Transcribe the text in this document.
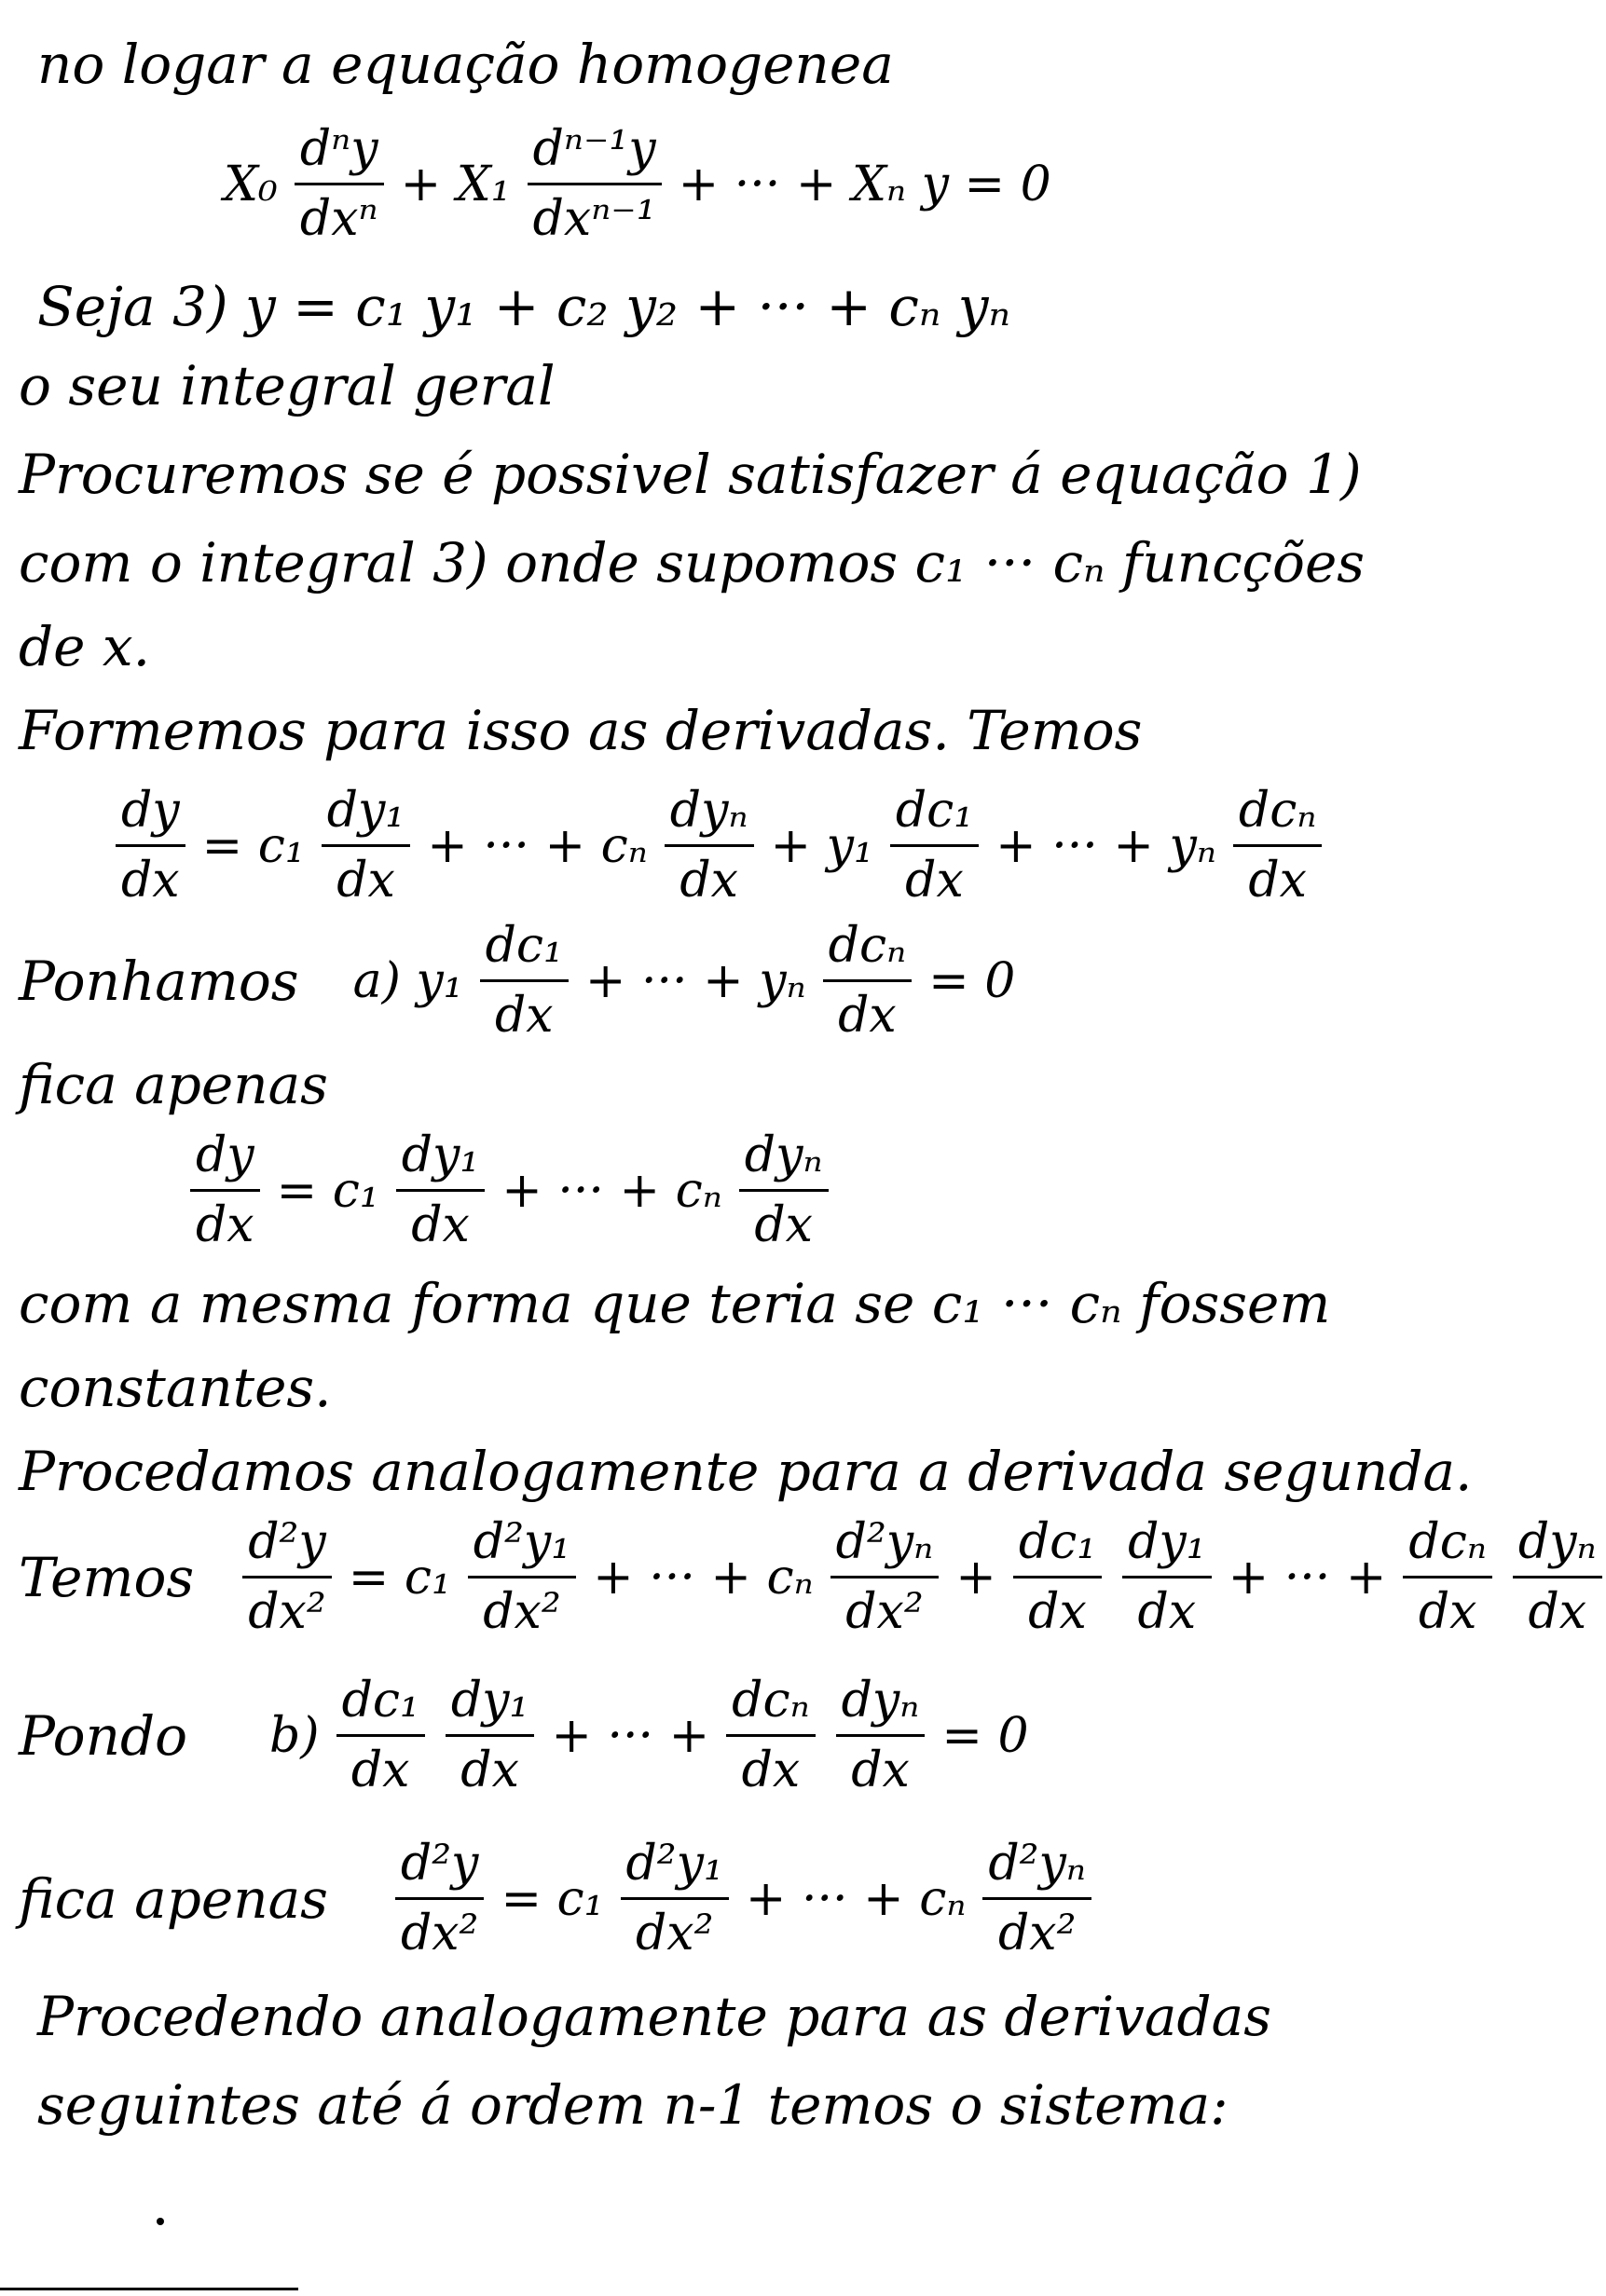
no logar a equação homogenea
$X_0 \frac{\text{dⁿy}}{\text{dxⁿ}} + X_1 \frac{\text{dⁿ⁻¹y}}{\text{dxⁿ⁻¹}}$ + ··· + Xₙ y = 0
Seja 3) y = c₁ y₁ + c₂ y₂ + ··· + cₙ yₙ
o seu integral geral
Procuremos se é possivel satisfazer á equação 1)
com o integral 3) onde supomos c₁ ··· cₙ funcções
de x.
Formemos para isso as derivadas. Temos
$\frac{dy}{dx} = c_1 \frac{\text{dy₁}}{dx}$ + ··· + cₙ $\frac{\text{dyₙ}}{dx} + y_1 \frac{\text{dc₁}}{dx}$ + ··· + yₙ $\frac{\text{dcₙ}}{dx}$
Ponhamos a) $y_1 \frac{\text{dc₁}}{dx}$ + ··· + yₙ $\frac{\text{dcₙ}}{dx} = 0$
fica apenas
$\frac{dy}{dx} = c_1 \frac{\text{dy₁}}{dx}$ + ··· + cₙ $\frac{\text{dyₙ}}{dx}$
com a mesma forma que teria se c₁ ··· cₙ fossem
constantes.
Procedamos analogamente para a derivada segunda.
Temos $\frac{\text{d²y}}{\text{dx²}} = c_1 \frac{\text{d²y₁}}{\text{dx²}}$ + ··· + cₙ $\frac{\text{d²yₙ}}{\text{dx²}} + \frac{\text{dc₁}}{dx} \frac{\text{dy₁}}{dx}$ + ··· + $\frac{\text{dcₙ}}{dx} \frac{\text{dyₙ}}{dx}$
Pondo $b) \frac{\text{dc₁}}{dx} \frac{\text{dy₁}}{dx}$ + ··· + $\frac{\text{dcₙ}}{dx} \frac{\text{dyₙ}}{dx} = 0$
fica apenas $\frac{\text{d²y}}{\text{dx²}} = c_1 \frac{\text{d²y₁}}{\text{dx²}}$ + ··· + cₙ $\frac{\text{d²yₙ}}{\text{dx²}}$
Procedendo analogamente para as derivadas
seguintes até á ordem n-1 temos o sistema:
